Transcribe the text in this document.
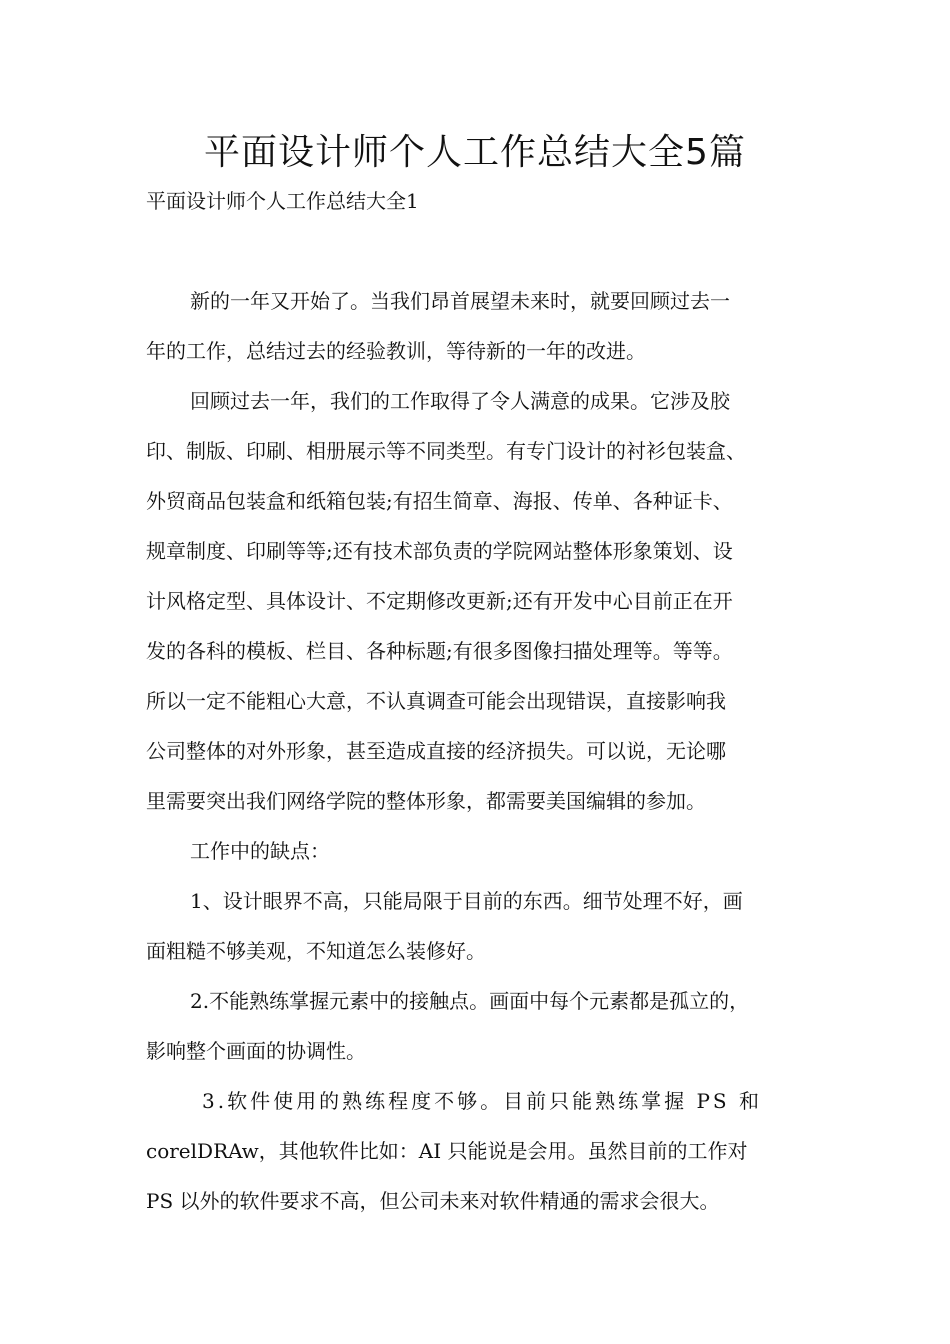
平面设计师个人工作总结大全5篇

平面设计师个人工作总结大全1

新的一年又开始了。当我们昂首展望未来时，就要回顾过去一

年的工作，总结过去的经验教训，等待新的一年的改进。

回顾过去一年，我们的工作取得了令人满意的成果。它涉及胶

印、制版、印刷、相册展示等不同类型。有专门设计的衬衫包装盒、

外贸商品包装盒和纸箱包装;有招生简章、海报、传单、各种证卡、

规章制度、印刷等等;还有技术部负责的学院网站整体形象策划、设

计风格定型、具体设计、不定期修改更新;还有开发中心目前正在开

发的各科的模板、栏目、各种标题;有很多图像扫描处理等。等等。

所以一定不能粗心大意，不认真调查可能会出现错误，直接影响我

公司整体的对外形象，甚至造成直接的经济损失。可以说，无论哪

里需要突出我们网络学院的整体形象，都需要美国编辑的参加。

工作中的缺点：

1、设计眼界不高，只能局限于目前的东西。细节处理不好，画

面粗糙不够美观，不知道怎么装修好。

2.不能熟练掌握元素中的接触点。画面中每个元素都是孤立的，

影响整个画面的协调性。

3.软件使用的熟练程度不够。目前只能熟练掌握 PS 和

corelDRAw，其他软件比如：AI 只能说是会用。虽然目前的工作对

PS 以外的软件要求不高，但公司未来对软件精通的需求会很大。
